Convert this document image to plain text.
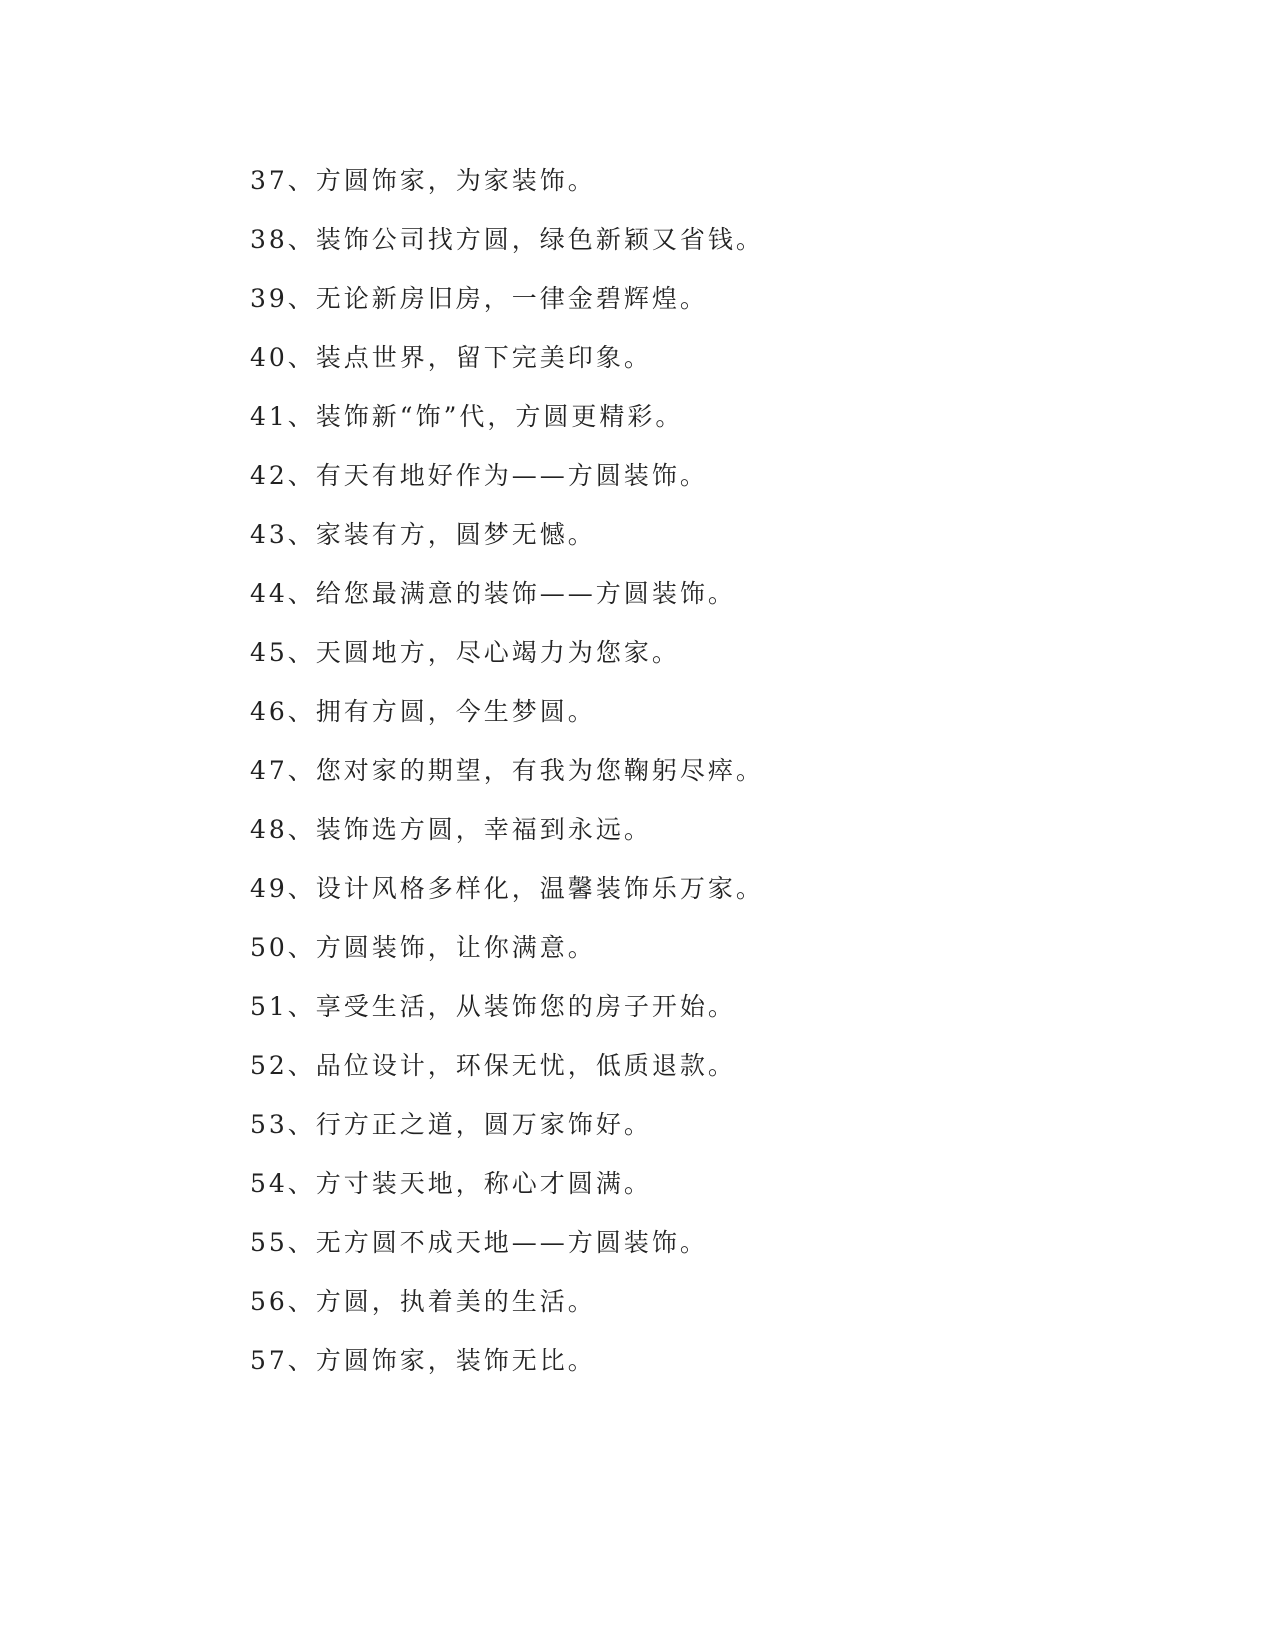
37、方圆饰家，为家装饰。
38、装饰公司找方圆，绿色新颖又省钱。
39、无论新房旧房，一律金碧辉煌。
40、装点世界，留下完美印象。
41、装饰新“饰”代，方圆更精彩。
42、有天有地好作为——方圆装饰。
43、家装有方，圆梦无憾。
44、给您最满意的装饰——方圆装饰。
45、天圆地方，尽心竭力为您家。
46、拥有方圆，今生梦圆。
47、您对家的期望，有我为您鞠躬尽瘁。
48、装饰选方圆，幸福到永远。
49、设计风格多样化，温馨装饰乐万家。
50、方圆装饰，让你满意。
51、享受生活，从装饰您的房子开始。
52、品位设计，环保无忧，低质退款。
53、行方正之道，圆万家饰好。
54、方寸装天地，称心才圆满。
55、无方圆不成天地——方圆装饰。
56、方圆，执着美的生活。
57、方圆饰家，装饰无比。
